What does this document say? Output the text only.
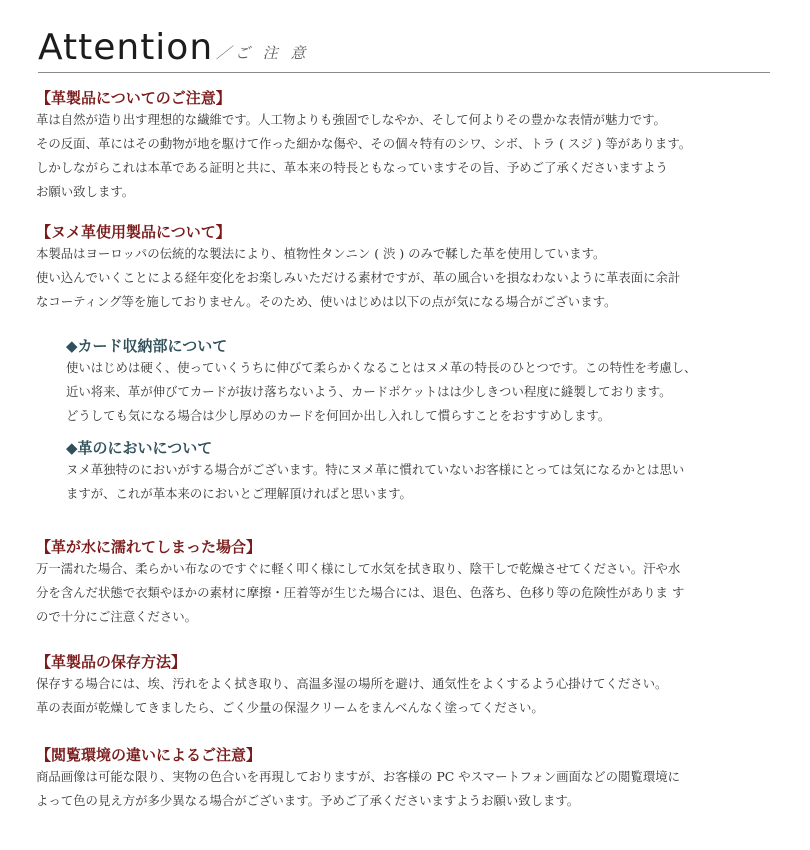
Attention ／ご 注 意

【革製品についてのご注意】

革は自然が造り出す理想的な繊維です。人工物よりも強固でしなやか、そして何よりその豊かな表情が魅力です。

その反面、革にはその動物が地を駆けて作った細かな傷や、その個々特有のシワ、シボ、トラ ( スジ ) 等があります。

しかしながらこれは本革である証明と共に、革本来の特長ともなっていますその旨、予めご了承くださいますよう

お願い致します。

【ヌメ革使用製品について】

本製品はヨーロッパの伝統的な製法により、植物性タンニン ( 渋 ) のみで鞣した革を使用しています。

使い込んでいくことによる経年変化をお楽しみいただける素材ですが、革の風合いを損なわないように革表面に余計

なコーティング等を施しておりません。そのため、使いはじめは以下の点が気になる場合がございます。

◆カード収納部について

使いはじめは硬く、使っていくうちに伸びて柔らかくなることはヌメ革の特長のひとつです。この特性を考慮し、

近い将来、革が伸びてカードが抜け落ちないよう、カードポケットはは少しきつい程度に縫製しております。

どうしても気になる場合は少し厚めのカードを何回か出し入れして慣らすことをおすすめします。

◆革のにおいについて

ヌメ革独特のにおいがする場合がございます。特にヌメ革に慣れていないお客様にとっては気になるかとは思い

ますが、これが革本来のにおいとご理解頂ければと思います。

【革が水に濡れてしまった場合】

万一濡れた場合、柔らかい布なのですぐに軽く叩く様にして水気を拭き取り、陰干しで乾燥させてください。汗や水

分を含んだ状態で衣類やほかの素材に摩擦・圧着等が生じた場合には、退色、色落ち、色移り等の危険性がありま す

ので十分にご注意ください。

【革製品の保存方法】

保存する場合には、埃、汚れをよく拭き取り、高温多湿の場所を避け、通気性をよくするよう心掛けてください。

革の表面が乾燥してきましたら、ごく少量の保湿クリームをまんべんなく塗ってください。

【閲覧環境の違いによるご注意】

商品画像は可能な限り、実物の色合いを再現しておりますが、お客様の PC やスマートフォン画面などの閲覧環境に

よって色の見え方が多少異なる場合がございます。予めご了承くださいますようお願い致します。
